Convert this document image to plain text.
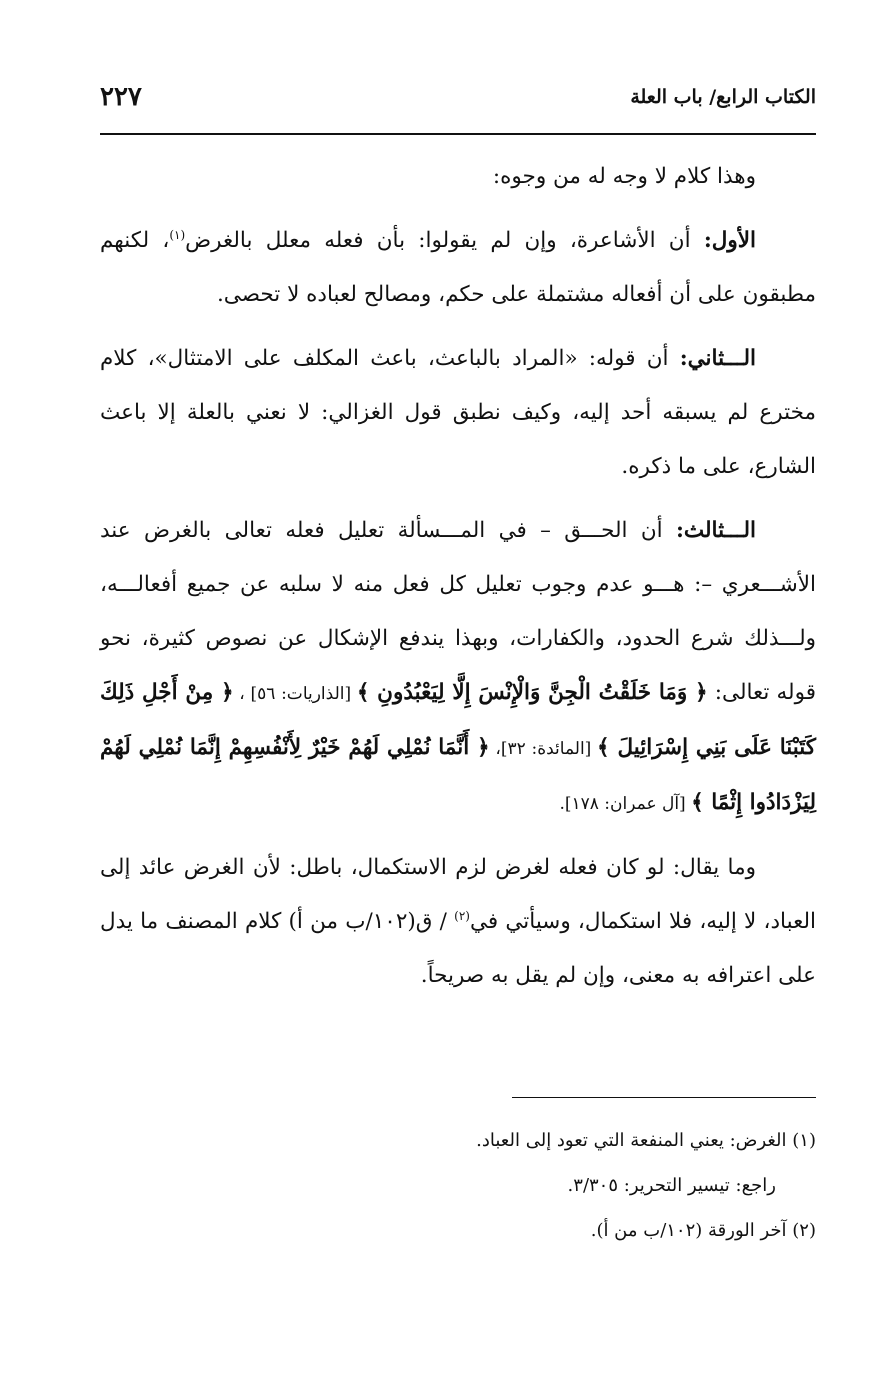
الكتاب الرابع/ باب العلة
٢٢٧

وهذا كلام لا وجه له من وجوه:

الأول: أن الأشاعرة، وإن لم يقولوا: بأن فعله معلل بالغرض$^{(١)}$، لكنهم مطبقون على أن أفعاله مشتملة على حكم، ومصالح لعباده لا تحصى.

الـــثاني: أن قوله: «المراد بالباعث، باعث المكلف على الامتثال»، كلام مخترع لم يسبقه أحد إليه، وكيف نطبق قول الغزالي: لا نعني بالعلة إلا باعث الشارع، على ما ذكره.

الـــثالث: أن الحـــق – في المـــسألة تعليل فعله تعالى بالغرض عند الأشـــعري –: هـــو عدم وجوب تعليل كل فعل منه لا سلبه عن جميع أفعالـــه، ولـــذلك شرع الحدود، والكفارات، وبهذا يندفع الإشكال عن نصوص كثيرة، نحو قوله تعالى: ﴿ وَمَا خَلَقْتُ الْجِنَّ وَالْإِنْسَ إِلَّا لِيَعْبُدُونِ ﴾ [الذاريات: ٥٦] ، ﴿ مِنْ أَجْلِ ذَلِكَ كَتَبْنَا عَلَى بَنِي إِسْرَائِيلَ ﴾ [المائدة: ٣٢]، ﴿ أَنَّمَا نُمْلِي لَهُمْ خَيْرٌ لِأَنْفُسِهِمْ إِنَّمَا نُمْلِي لَهُمْ لِيَزْدَادُوا إِثْمًا ﴾ [آل عمران: ١٧٨].

وما يقال: لو كان فعله لغرض لزم الاستكمال، باطل: لأن الغرض عائد إلى العباد، لا إليه، فلا استكمال، وسيأتي في$^{(٢)}$ / ق(١٠٢/ب من أ) كلام المصنف ما يدل على اعترافه به معنى، وإن لم يقل به صريحاً.

(١) الغرض: يعني المنفعة التي تعود إلى العباد.
راجع: تيسير التحرير: ٣/٣٠٥.
(٢) آخر الورقة (١٠٢/ب من أ).
